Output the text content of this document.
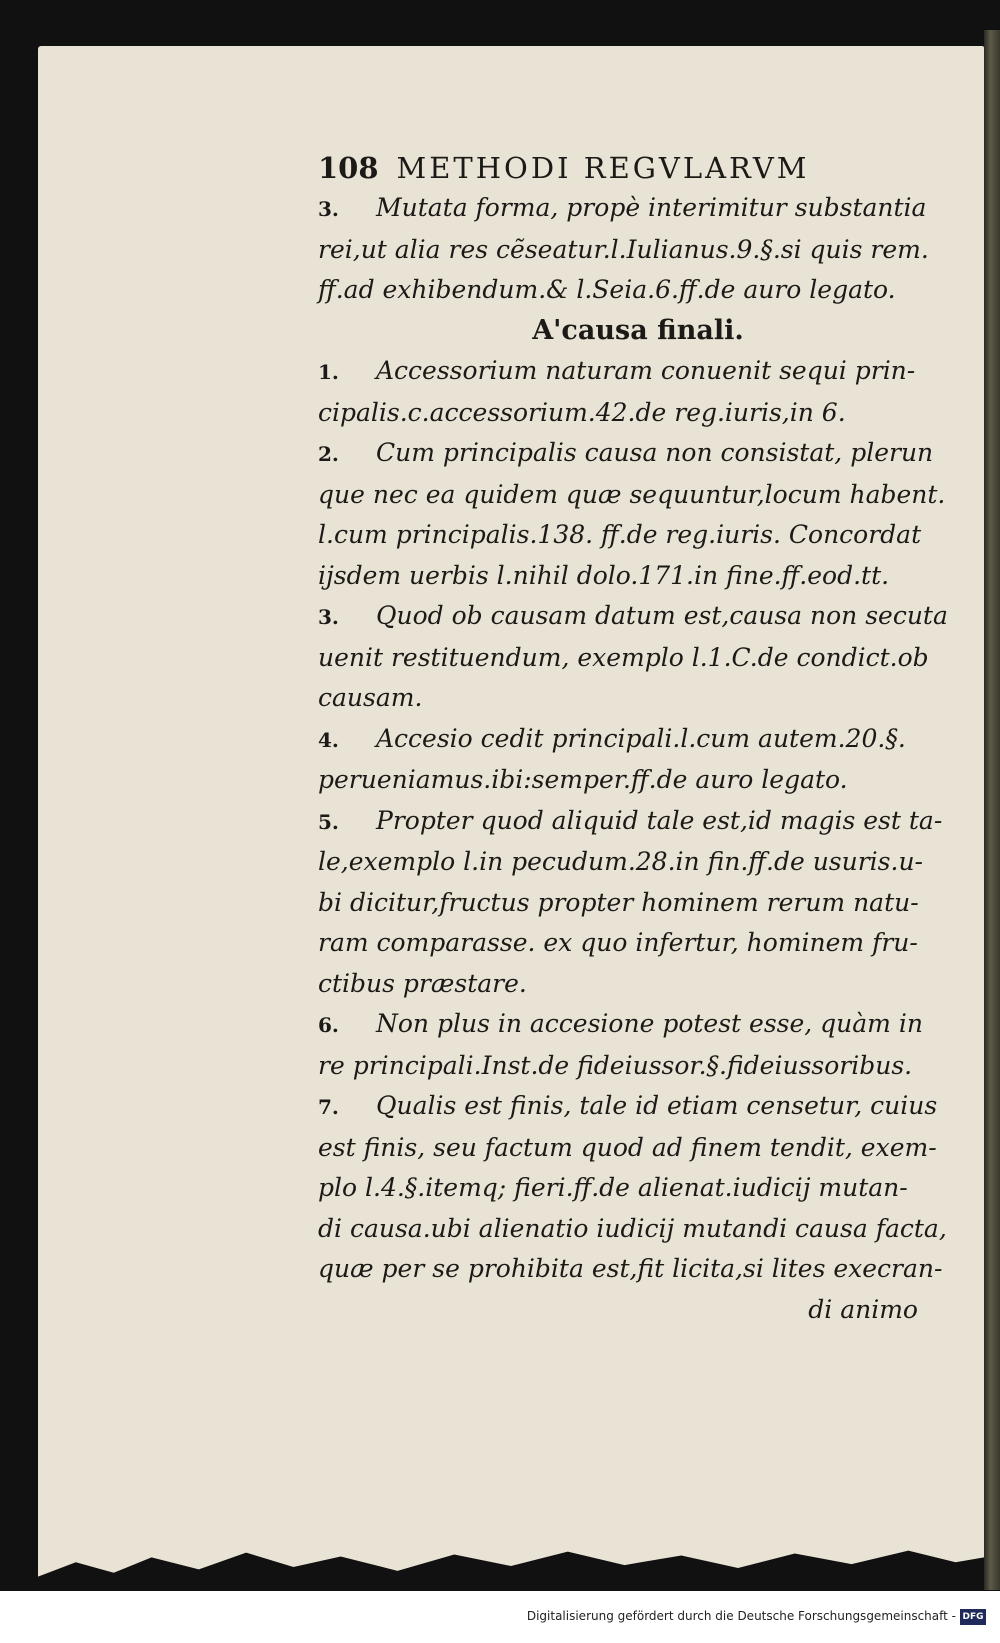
108 METHODI REGVLARVM
3. Mutata forma, propè interimitur substantia
rei,ut alia res cẽseatur.l.Iulianus.9.§.si quis rem.
ff.ad exhibendum.& l.Seia.6.ff.de auro legato.
A'causa finali.
1. Accessorium naturam conuenit sequi prin-
cipalis.c.accessorium.42.de reg.iuris,in 6.
2. Cum principalis causa non consistat, plerun
que nec ea quidem quæ sequuntur,locum habent.
l.cum principalis.138. ff.de reg.iuris. Concordat
ijsdem uerbis l.nihil dolo.171.in fine.ff.eod.tt.
3. Quod ob causam datum est,causa non secuta
uenit restituendum, exemplo l.1.C.de condict.ob
causam.
4. Accesio cedit principali.l.cum autem.20.§.
perueniamus.ibi:semper.ff.de auro legato.
5. Propter quod aliquid tale est,id magis est ta-
le,exemplo l.in pecudum.28.in fin.ff.de usuris.u-
bi dicitur,fructus propter hominem rerum natu-
ram comparasse. ex quo infertur, hominem fru-
ctibus præstare.
6. Non plus in accesione potest esse, quàm in
re principali.Inst.de fideiussor.§.fideiussoribus.
7. Qualis est finis, tale id etiam censetur, cuius
est finis, seu factum quod ad finem tendit, exem-
plo l.4.§.itemq; fieri.ff.de alienat.iudicij mutan-
di causa.ubi alienatio iudicij mutandi causa facta,
quæ per se prohibita est,fit licita,si lites execran-
di animo
Digitalisierung gefördert durch die Deutsche Forschungsgemeinschaft - DFG
